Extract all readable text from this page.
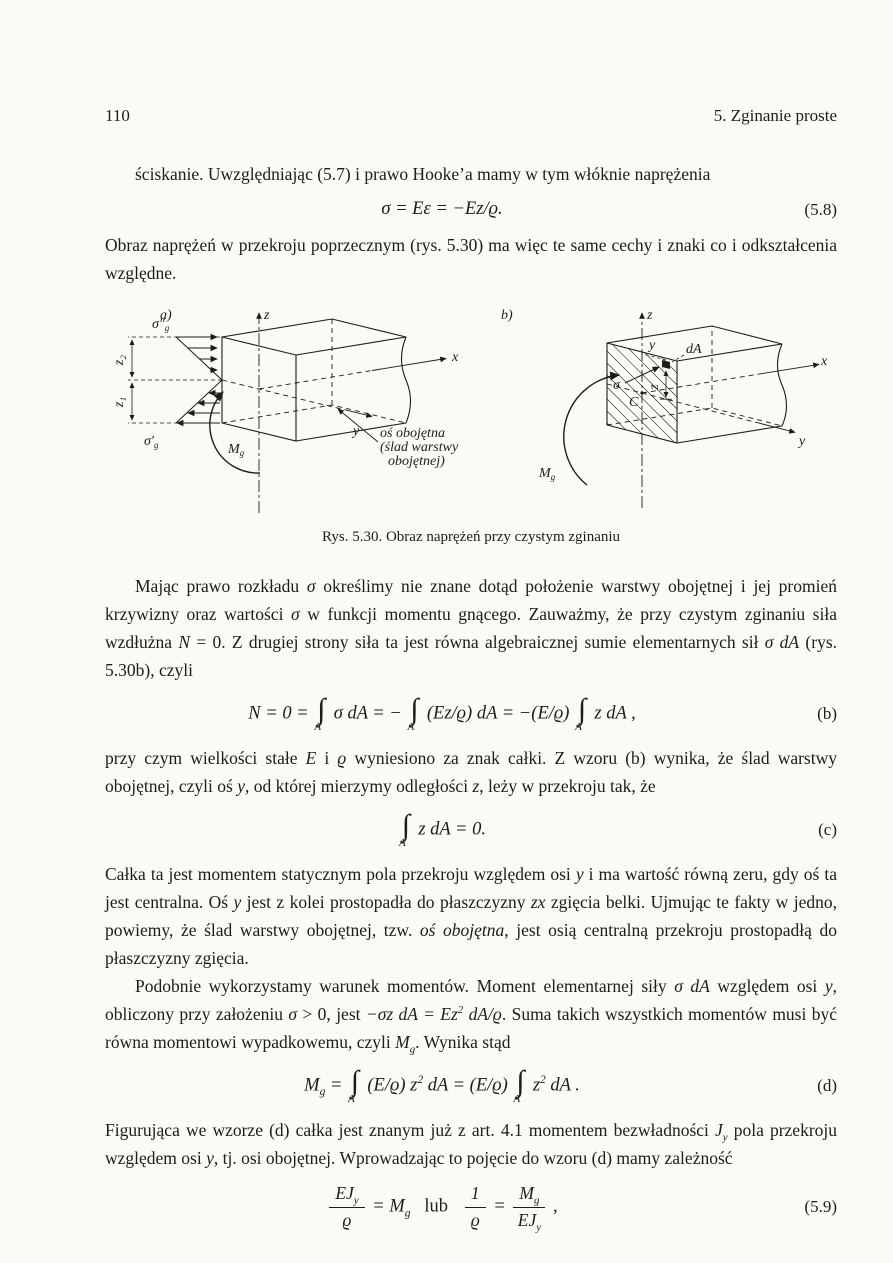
110	5. Zginanie proste

ściskanie. Uwzględniając (5.7) i prawo Hooke’a mamy w tym włóknie naprężenia

σ = Eε = −Ez/ϱ.	(5.8)

Obraz naprężeń w przekroju poprzecznym (rys. 5.30) ma więc te same cechy i znaki co i odkształcenia względne.

a)
z₂
z₁
$\sigma''_g$
$\sigma'_g$
z
x
y
$M_g$
oś obojętna
(ślad warstwy
obojętnej)
b)	z
x
y
dA
y
z
σ
C
$M_g$
Rys. 5.30. Obraz naprężeń przy czystym zginaniu

Mając prawo rozkładu σ określimy nie znane dotąd położenie warstwy obojętnej i jej promień krzywizny oraz wartości σ w funkcji momentu gnącego. Zauważmy, że przy czystym zginaniu siła wzdłużna N = 0. Z drugiej strony siła ta jest równa algebraicznej sumie elementarnych sił σ dA (rys. 5.30b), czyli

N = 0 = ∫
A
σ dA = − ∫
A
(Ez/ϱ) dA = −(E/ϱ) ∫
A
z dA ,	(b)

przy czym wielkości stałe E i ϱ wyniesiono za znak całki. Z wzoru (b) wynika, że ślad warstwy obojętnej, czyli oś y, od której mierzymy odległości z, leży w przekroju tak, że

∫
A
z dA = 0.	(c)

Całka ta jest momentem statycznym pola przekroju względem osi y i ma wartość równą zeru, gdy oś ta jest centralna. Oś y jest z kolei prostopadła do płaszczyzny zx zgięcia belki. Ujmując te fakty w jedno, powiemy, że ślad warstwy obojętnej, tzw. oś obojętna, jest osią centralną przekroju prostopadłą do płaszczyzny zgięcia.

Podobnie wykorzystamy warunek momentów. Moment elementarnej siły σ dA względem osi y, obliczony przy założeniu σ > 0, jest −σz dA = $Ez^2$ dA/ϱ. Suma takich wszystkich momentów musi być równa momentowi wypadkowemu, czyli $M_g$. Wynika stąd

$M_g$ = ∫
A
(E/ϱ) $z^2$ dA = (E/ϱ) ∫
A
$z^2$ dA .	(d)

Figurująca we wzorze (d) całka jest znanym już z art. 4.1 momentem bezwładności $J_y$ pola przekroju względem osi y, tj. osi obojętnej. Wprowadzając to pojęcie do wzoru (d) mamy zależność

$\frac{EJ_y}{ϱ} = M_g$   lub $\frac{1}{ϱ} = \frac{M_g}{EJ_y}$ ,	(5.9)
